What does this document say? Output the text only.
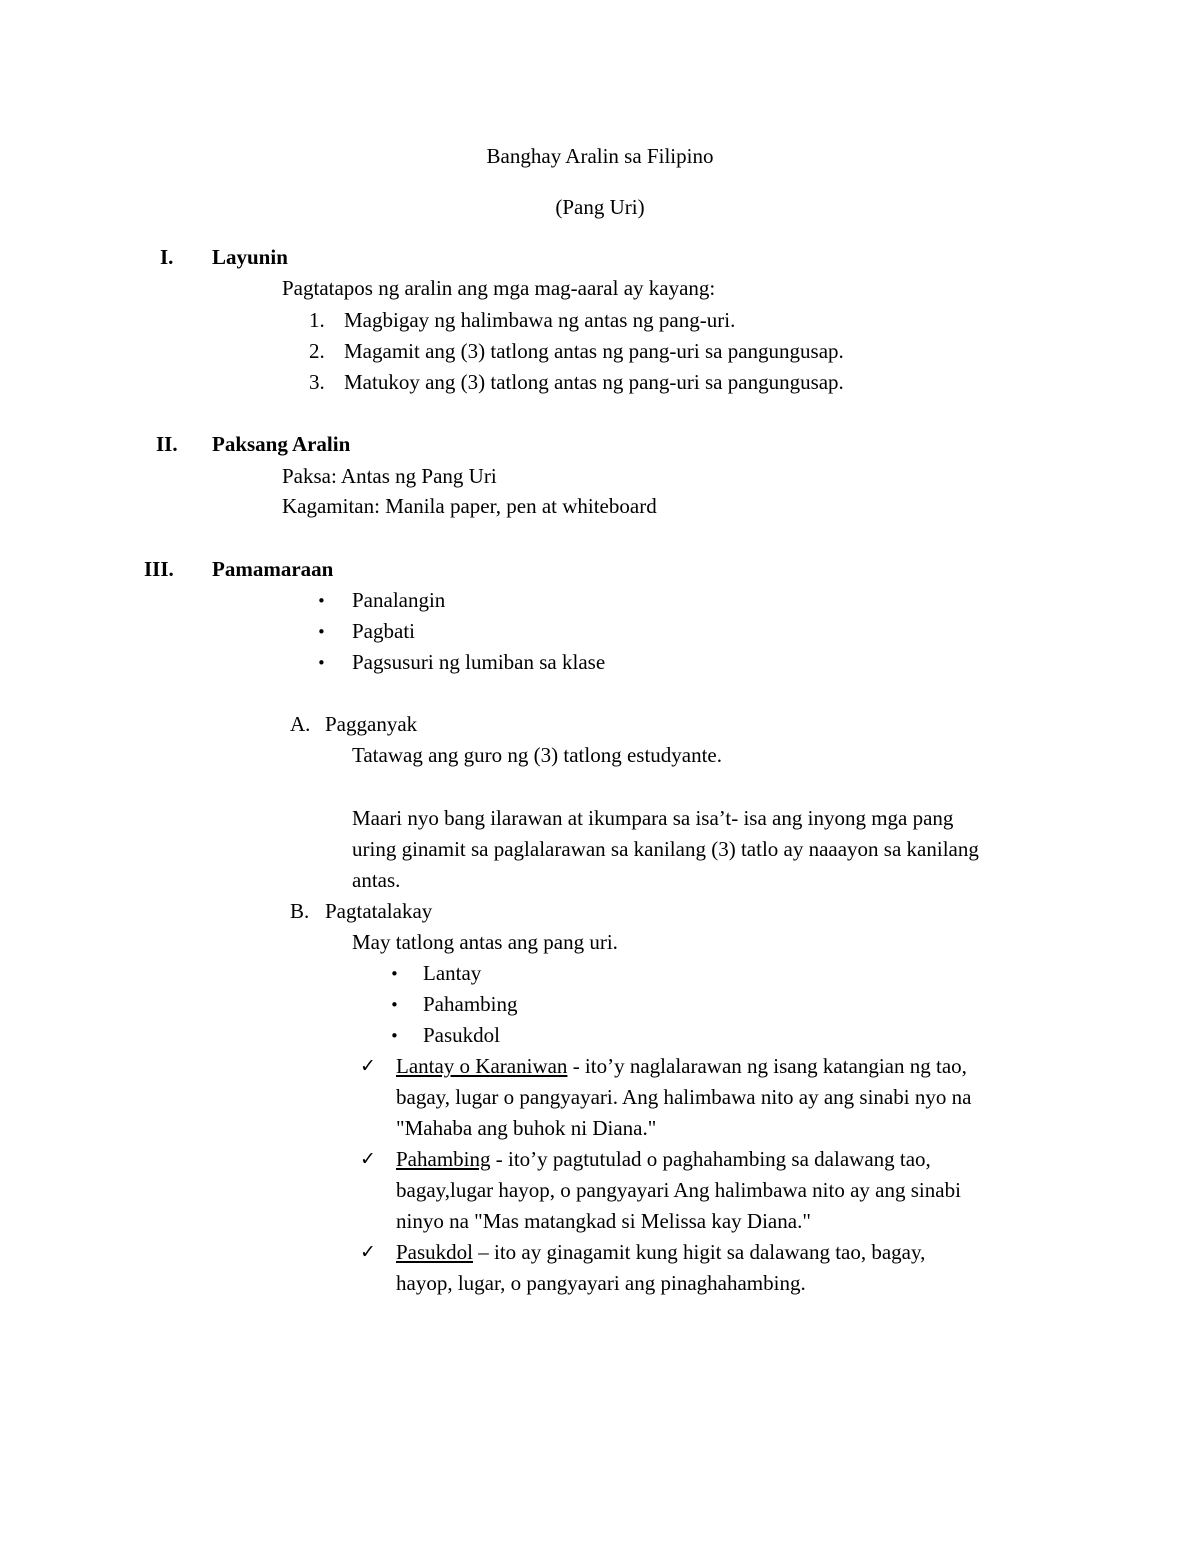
Banghay Aralin sa Filipino
(Pang Uri)
I. Layunin
Pagtatapos ng aralin ang mga mag-aaral ay kayang:
1. Magbigay ng halimbawa ng antas ng pang-uri.
2. Magamit ang (3) tatlong antas ng pang-uri sa pangungusap.
3. Matukoy ang (3) tatlong antas ng pang-uri sa pangungusap.
II. Paksang Aralin
Paksa: Antas ng Pang Uri
Kagamitan: Manila paper, pen at whiteboard
III. Pamamaraan
• Panalangin
• Pagbati
• Pagsusuri ng lumiban sa klase
A. Pagganyak
Tatawag ang guro ng (3) tatlong estudyante.
Maari nyo bang ilarawan at ikumpara sa isa’t- isa ang inyong mga pang
uring ginamit sa paglalarawan sa kanilang (3) tatlo ay naaayon sa kanilang
antas.
B. Pagtatalakay
May tatlong antas ang pang uri.
• Lantay
• Pahambing
• Pasukdol
✓ Lantay o Karaniwan - ito’y naglalarawan ng isang katangian ng tao,
bagay, lugar o pangyayari. Ang halimbawa nito ay ang sinabi nyo na
"Mahaba ang buhok ni Diana."
✓ Pahambing - ito’y pagtutulad o paghahambing sa dalawang tao,
bagay,lugar hayop, o pangyayari Ang halimbawa nito ay ang sinabi
ninyo na "Mas matangkad si Melissa kay Diana."
✓ Pasukdol – ito ay ginagamit kung higit sa dalawang tao, bagay,
hayop, lugar, o pangyayari ang pinaghahambing.
